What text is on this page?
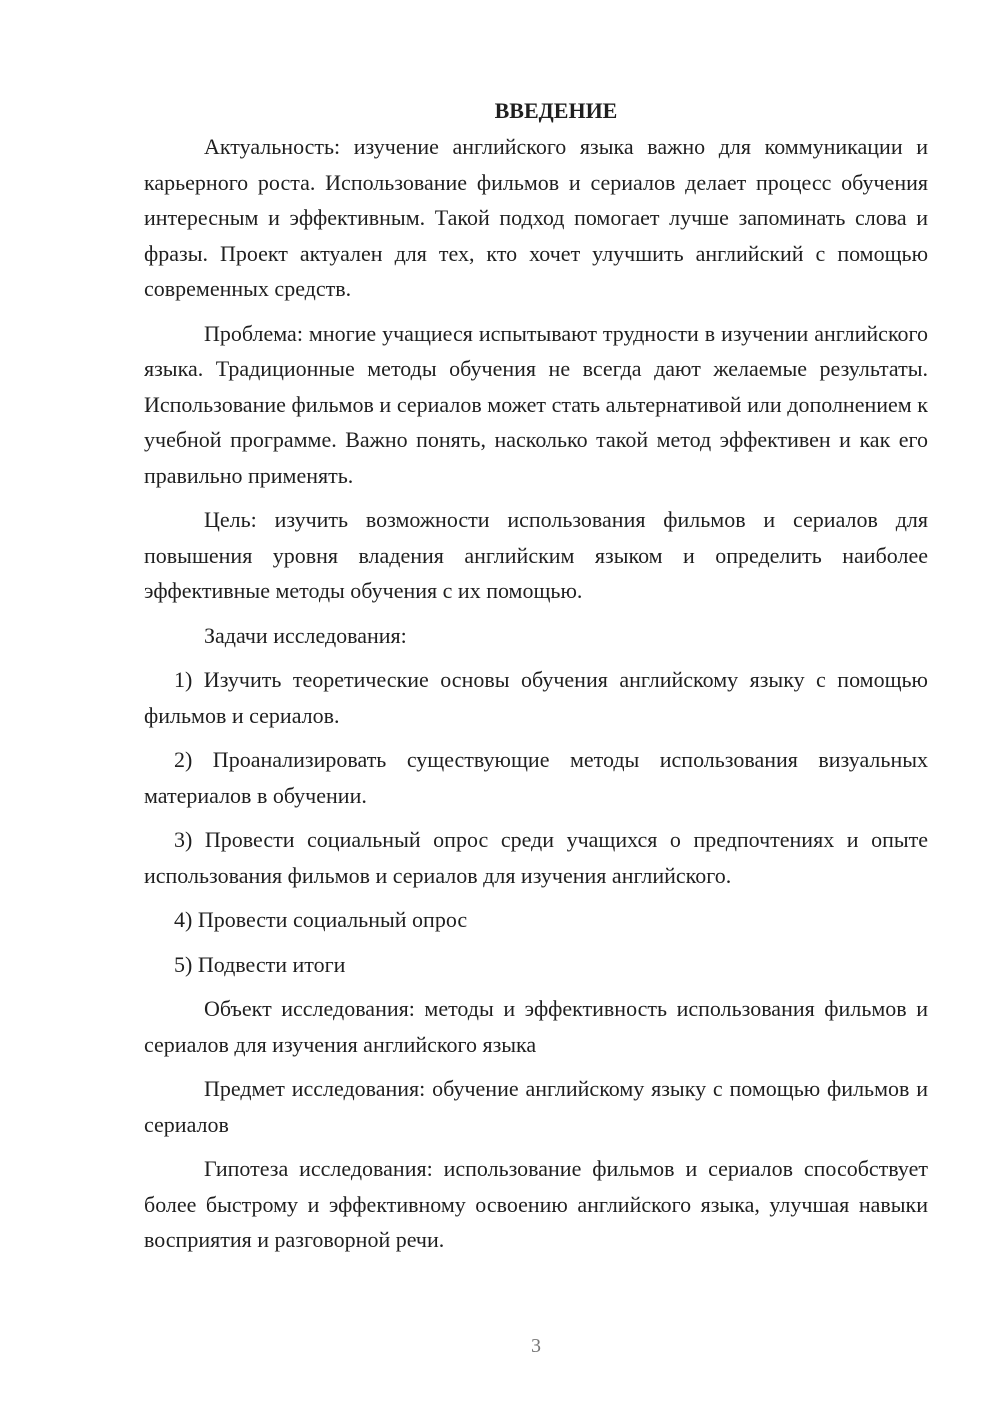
ВВЕДЕНИЕ

Актуальность: изучение английского языка важно для коммуникации и карьерного роста. Использование фильмов и сериалов делает процесс обучения интересным и эффективным. Такой подход помогает лучше запоминать слова и фразы. Проект актуален для тех, кто хочет улучшить английский с помощью современных средств.

Проблема: многие учащиеся испытывают трудности в изучении английского языка. Традиционные методы обучения не всегда дают желаемые результаты. Использование фильмов и сериалов может стать альтернативой или дополнением к учебной программе. Важно понять, насколько такой метод эффективен и как его правильно применять.

Цель: изучить возможности использования фильмов и сериалов для повышения уровня владения английским языком и определить наиболее эффективные методы обучения с их помощью.

Задачи исследования:

1) Изучить теоретические основы обучения английскому языку с помощью фильмов и сериалов.

2) Проанализировать существующие методы использования визуальных материалов в обучении.

3) Провести социальный опрос среди учащихся о предпочтениях и опыте использования фильмов и сериалов для изучения английского.

4) Провести социальный опрос

5) Подвести итоги

Объект исследования: методы и эффективность использования фильмов и сериалов для изучения английского языка

Предмет исследования: обучение английскому языку с помощью фильмов и сериалов

Гипотеза исследования: использование фильмов и сериалов способствует более быстрому и эффективному освоению английского языка, улучшая навыки восприятия и разговорной речи.

3
